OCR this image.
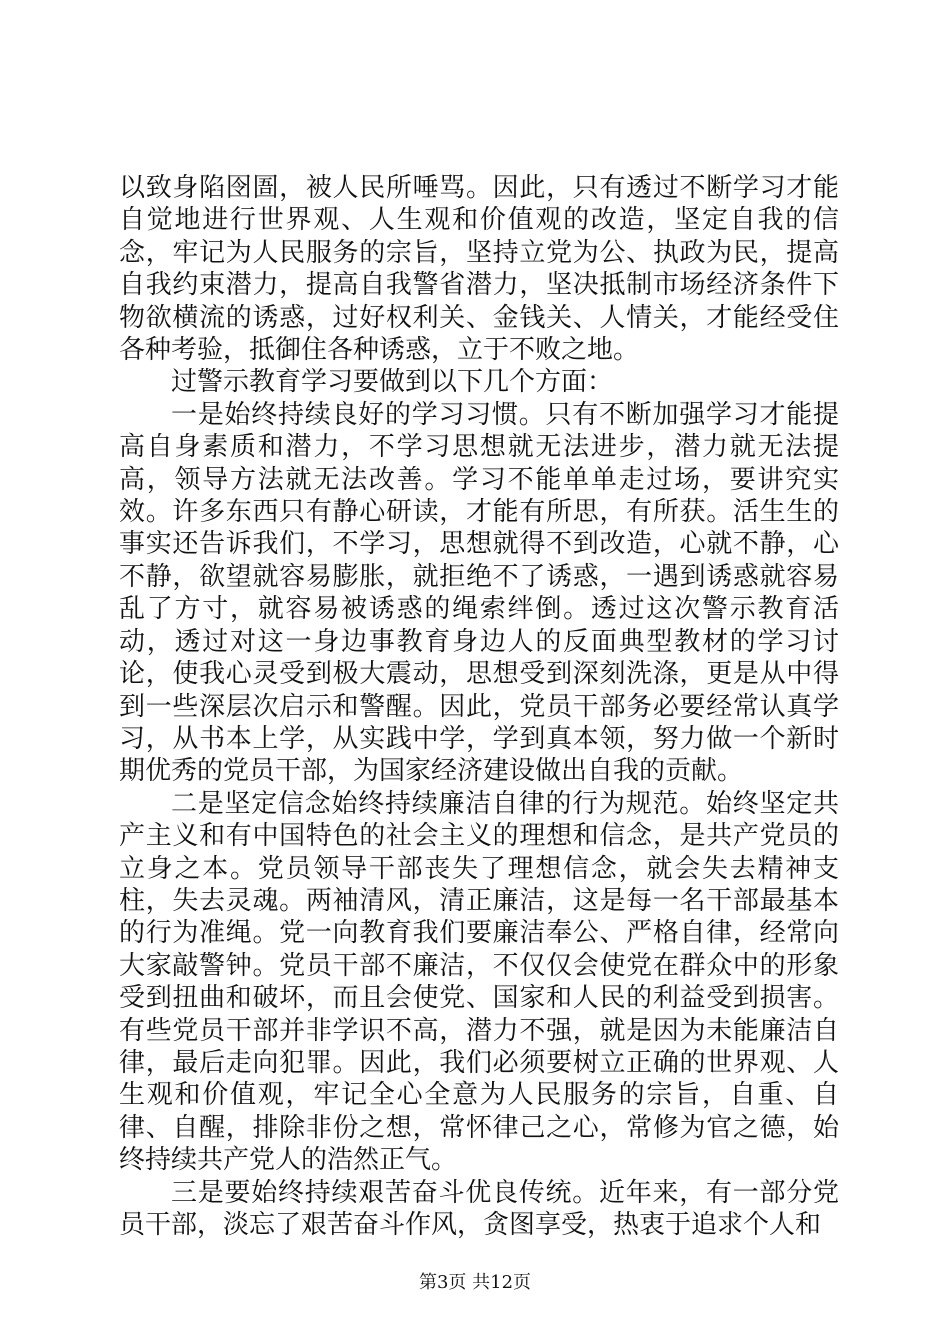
以致身陷囹圄，被人民所唾骂。因此，只有透过不断学习才能自觉地进行世界观、人生观和价值观的改造，坚定自我的信念，牢记为人民服务的宗旨，坚持立党为公、执政为民，提高自我约束潜力，提高自我警省潜力，坚决抵制市场经济条件下物欲横流的诱惑，过好权利关、金钱关、人情关，才能经受住各种考验，抵御住各种诱惑，立于不败之地。

过警示教育学习要做到以下几个方面：

一是始终持续良好的学习习惯。只有不断加强学习才能提高自身素质和潜力，不学习思想就无法进步，潜力就无法提高，领导方法就无法改善。学习不能单单走过场，要讲究实效。许多东西只有静心研读，才能有所思，有所获。活生生的事实还告诉我们，不学习，思想就得不到改造，心就不静，心不静，欲望就容易膨胀，就拒绝不了诱惑，一遇到诱惑就容易乱了方寸，就容易被诱惑的绳索绊倒。透过这次警示教育活动，透过对这一身边事教育身边人的反面典型教材的学习讨论，使我心灵受到极大震动，思想受到深刻洗涤，更是从中得到一些深层次启示和警醒。因此，党员干部务必要经常认真学习，从书本上学，从实践中学，学到真本领，努力做一个新时期优秀的党员干部，为国家经济建设做出自我的贡献。

二是坚定信念始终持续廉洁自律的行为规范。始终坚定共产主义和有中国特色的社会主义的理想和信念，是共产党员的立身之本。党员领导干部丧失了理想信念，就会失去精神支柱，失去灵魂。两袖清风，清正廉洁，这是每一名干部最基本的行为准绳。党一向教育我们要廉洁奉公、严格自律，经常向大家敲警钟。党员干部不廉洁，不仅仅会使党在群众中的形象受到扭曲和破坏，而且会使党、国家和人民的利益受到损害。有些党员干部并非学识不高，潜力不强，就是因为未能廉洁自律，最后走向犯罪。因此，我们必须要树立正确的世界观、人生观和价值观，牢记全心全意为人民服务的宗旨，自重、自律、自醒，排除非份之想，常怀律己之心，常修为官之德，始终持续共产党人的浩然正气。

三是要始终持续艰苦奋斗优良传统。近年来，有一部分党员干部，淡忘了艰苦奋斗作风，贪图享受，热衷于追求个人和

第3页 共12页
